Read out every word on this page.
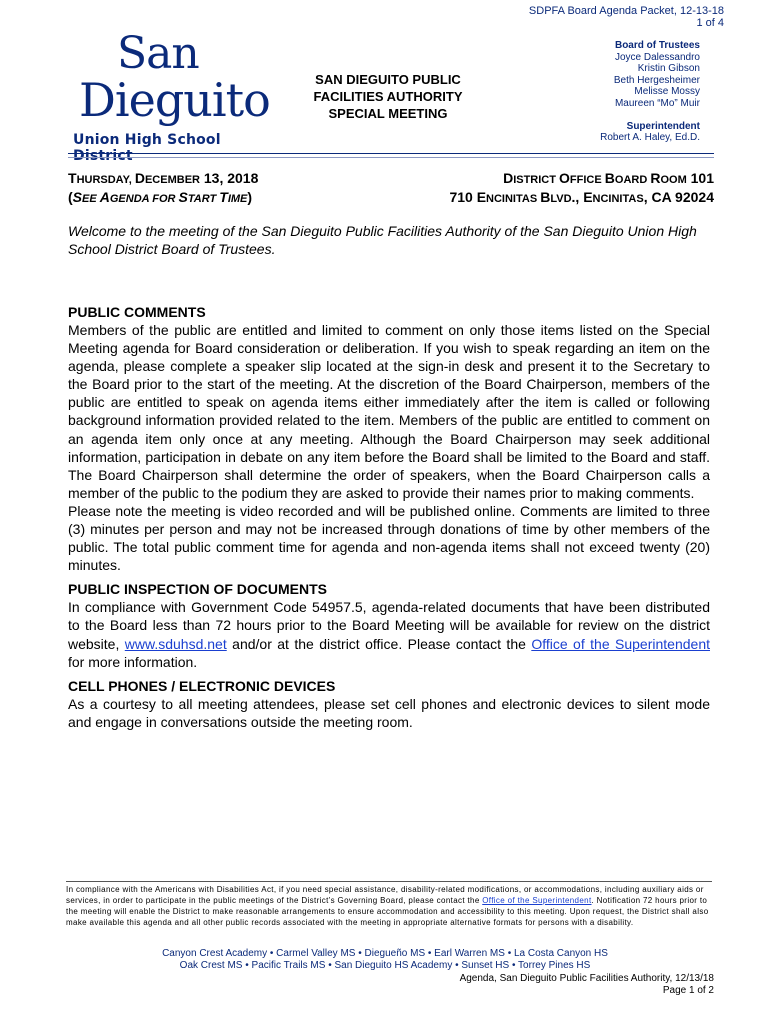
SDPFA Board Agenda Packet, 12-13-18
1 of 4
San
Dieguito
Union High School District
SAN DIEGUITO PUBLIC
FACILITIES AUTHORITY
SPECIAL MEETING
Board of Trustees
Joyce Dalessandro
Kristin Gibson
Beth Hergesheimer
Melisse Mossy
Maureen “Mo” Muir
Superintendent
Robert A. Haley, Ed.D.
THURSDAY, DECEMBER 13, 2018
(SEE AGENDA FOR START TIME)
DISTRICT OFFICE BOARD ROOM 101
710 ENCINITAS BLVD., ENCINITAS, CA 92024
Welcome to the meeting of the San Dieguito Public Facilities Authority of the San Dieguito Union High School District Board of Trustees.
PUBLIC COMMENTS

Members of the public are entitled and limited to comment on only those items listed on the Special Meeting agenda for Board consideration or deliberation. If you wish to speak regarding an item on the agenda, please complete a speaker slip located at the sign-in desk and present it to the Secretary to the Board prior to the start of the meeting. At the discretion of the Board Chairperson, members of the public are entitled to speak on agenda items either immediately after the item is called or following background information provided related to the item. Members of the public are entitled to comment on an agenda item only once at any meeting. Although the Board Chairperson may seek additional information, participation in debate on any item before the Board shall be limited to the Board and staff. The Board Chairperson shall determine the order of speakers, when the Board Chairperson calls a member of the public to the podium they are asked to provide their names prior to making comments.

Please note the meeting is video recorded and will be published online. Comments are limited to three (3) minutes per person and may not be increased through donations of time by other members of the public. The total public comment time for agenda and non-agenda items shall not exceed twenty (20) minutes.

PUBLIC INSPECTION OF DOCUMENTS

In compliance with Government Code 54957.5, agenda-related documents that have been distributed to the Board less than 72 hours prior to the Board Meeting will be available for review on the district website, www.sduhsd.net and/or at the district office. Please contact the Office of the Superintendent for more information.

CELL PHONES / ELECTRONIC DEVICES

As a courtesy to all meeting attendees, please set cell phones and electronic devices to silent mode and engage in conversations outside the meeting room.

In compliance with the Americans with Disabilities Act, if you need special assistance, disability-related modifications, or accommodations, including auxiliary aids or services, in order to participate in the public meetings of the District’s Governing Board, please contact the Office of the Superintendent. Notification 72 hours prior to the meeting will enable the District to make reasonable arrangements to ensure accommodation and accessibility to this meeting. Upon request, the District shall also make available this agenda and all other public records associated with the meeting in appropriate alternative formats for persons with a disability.
Canyon Crest Academy • Carmel Valley MS • Diegueño MS • Earl Warren MS • La Costa Canyon HS
Oak Crest MS • Pacific Trails MS • San Dieguito HS Academy • Sunset HS • Torrey Pines HS
Agenda, San Dieguito Public Facilities Authority, 12/13/18
Page 1 of 2
